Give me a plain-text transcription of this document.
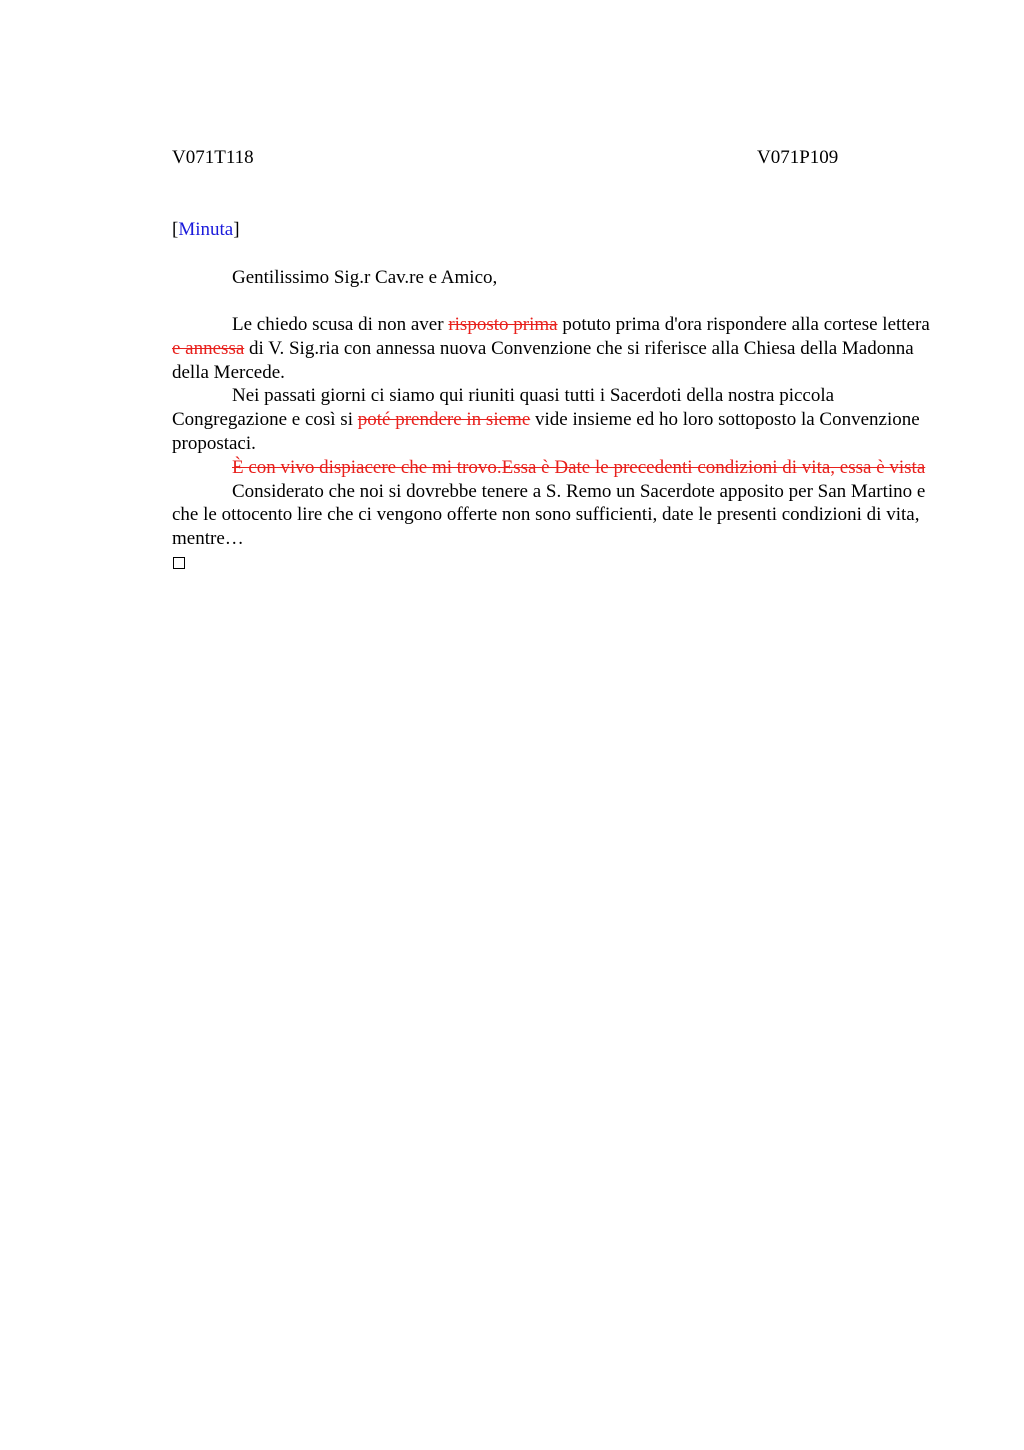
V071T118	V071P109
[Minuta]
Gentilissimo Sig.r Cav.re e Amico,

Le chiedo scusa di non aver risposto prima potuto prima d'ora rispondere alla cortese lettera e annessa di V. Sig.ria con annessa nuova Convenzione che si riferisce alla Chiesa della Madonna della Mercede.

Nei passati giorni ci siamo qui riuniti quasi tutti i Sacerdoti della nostra piccola Congregazione e così si poté prendere in sieme vide insieme ed ho loro sottoposto la Convenzione propostaci.

È con vivo dispiacere che mi trovo.Essa è Date le precedenti condizioni di vita, essa è vista

Considerato che noi si dovrebbe tenere a S. Remo un Sacerdote apposito per San Martino e che le ottocento lire che ci vengono offerte non sono sufficienti, date le presenti condizioni di vita, mentre…
